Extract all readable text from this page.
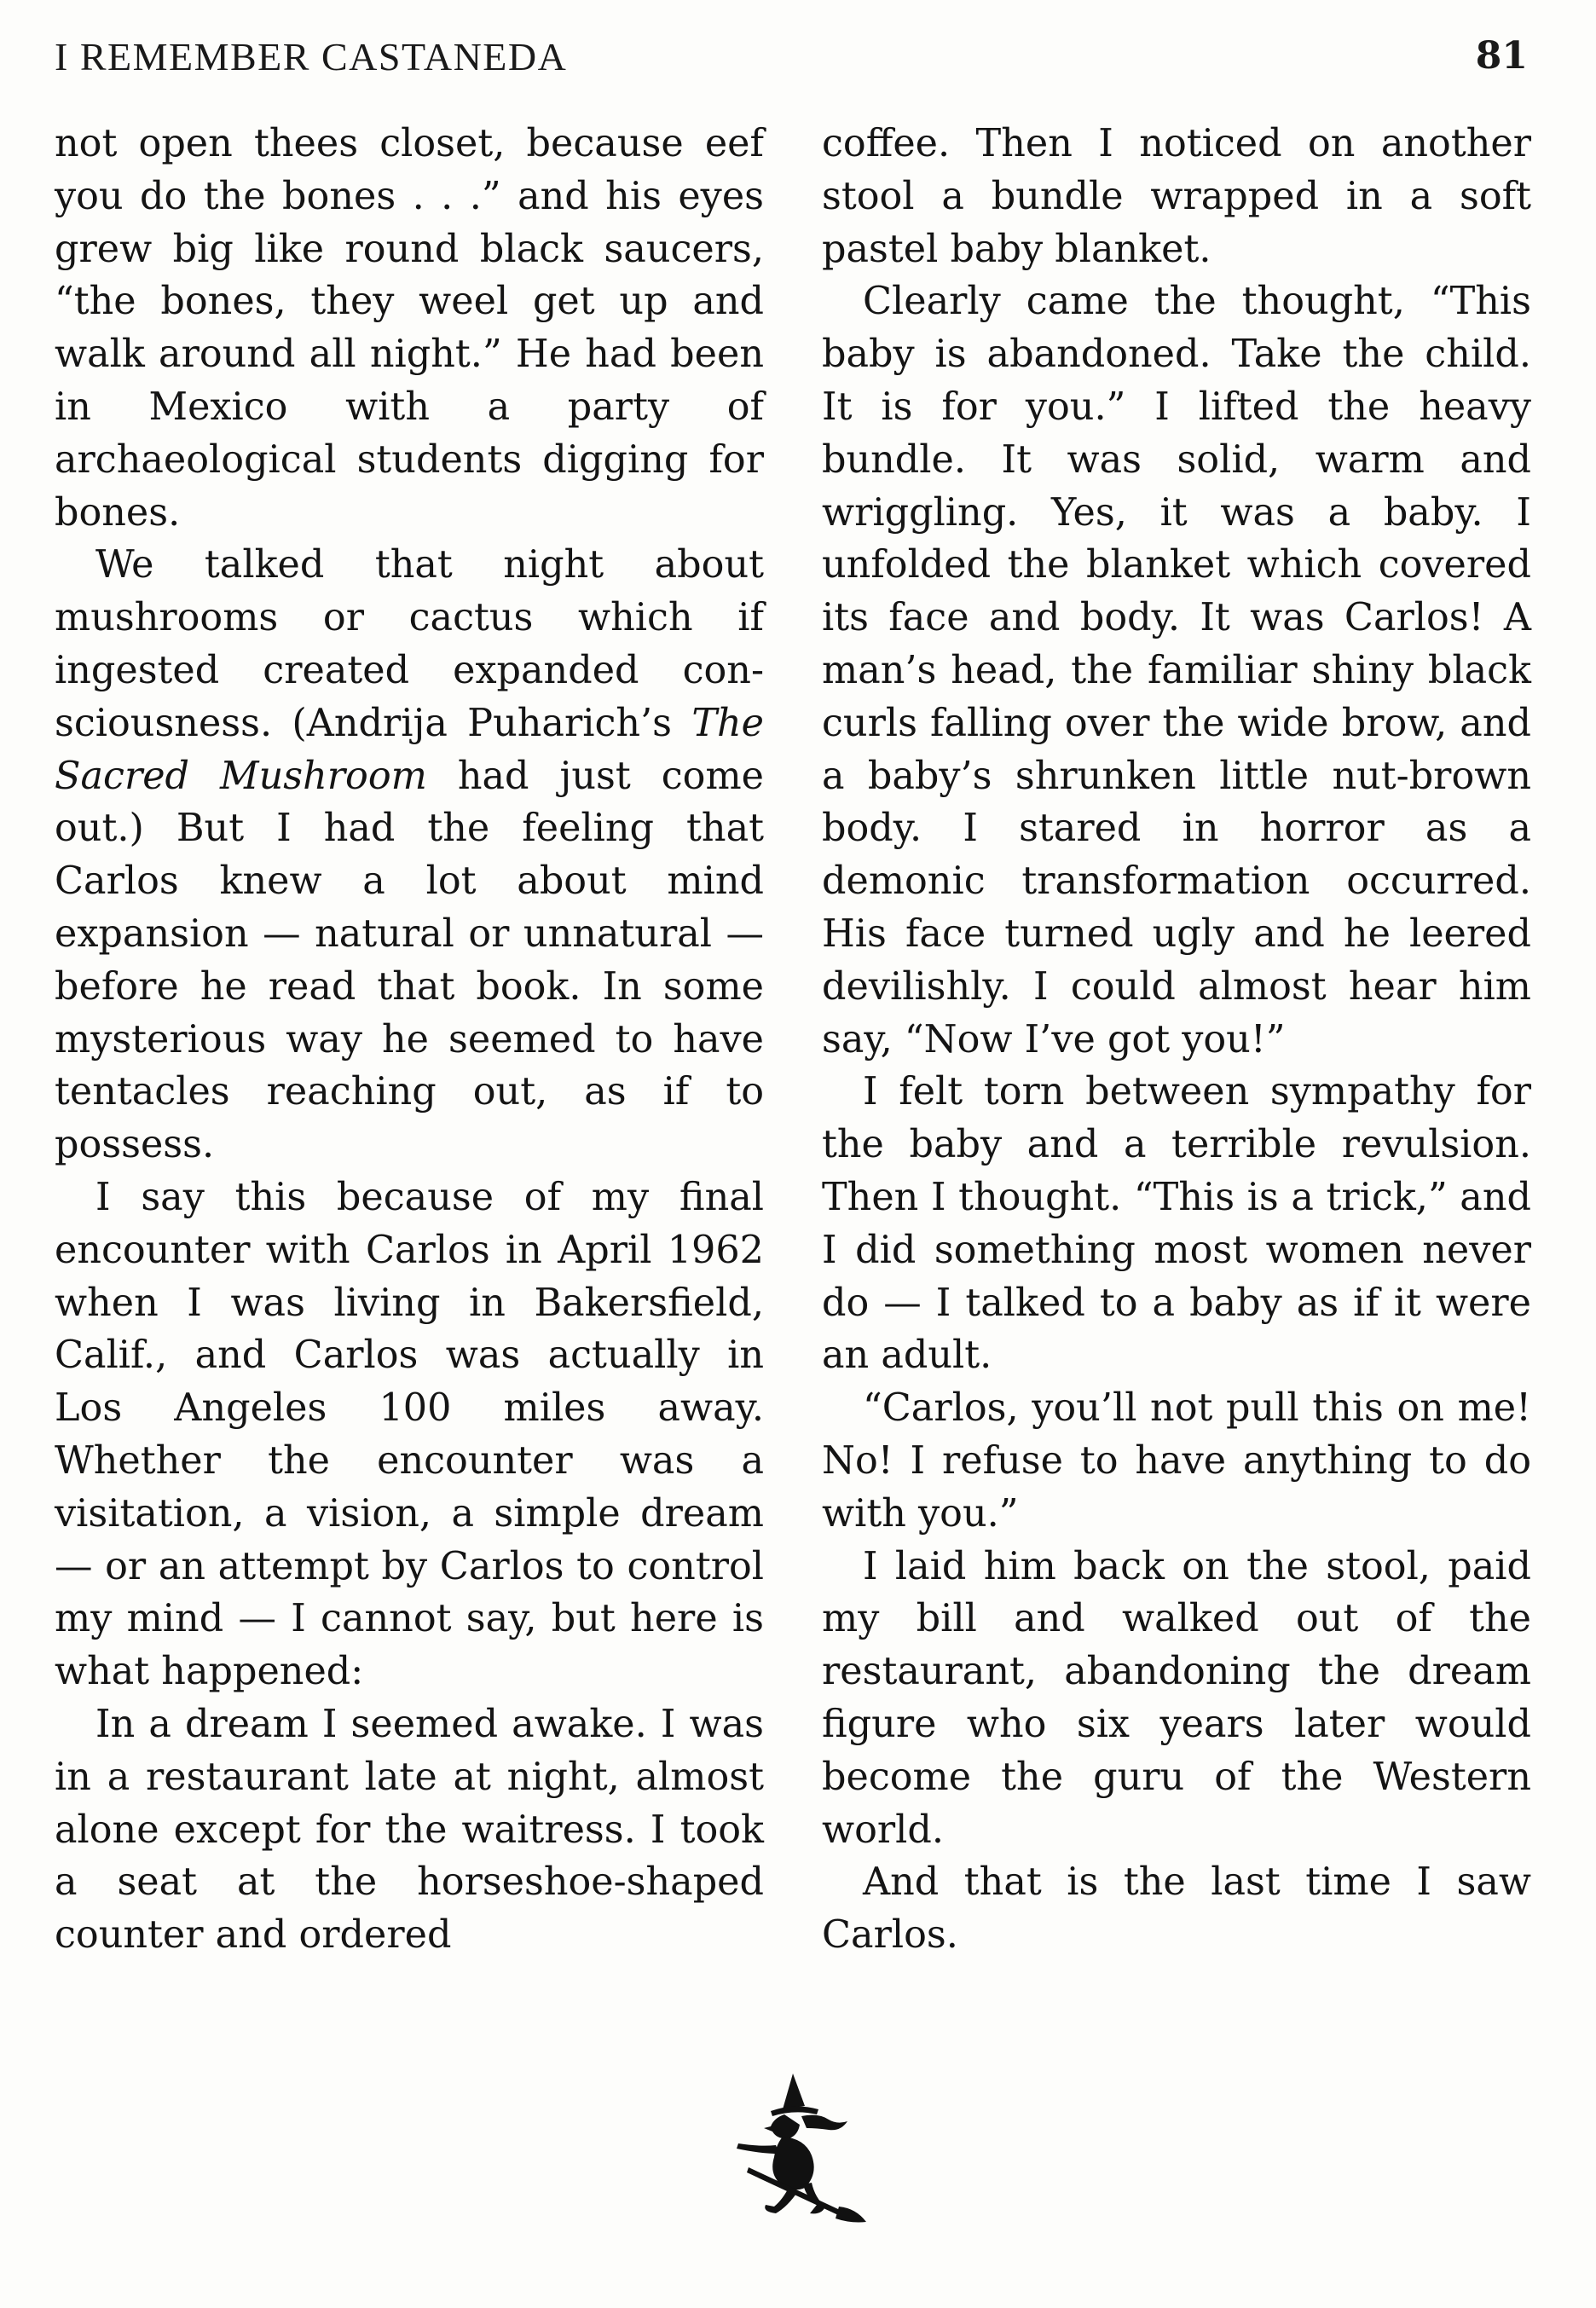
I REMEMBER CASTANEDA	81

not open thees closet, because eef you do the bones . . .” and his eyes grew big like round black saucers, “the bones, they weel get up and walk around all night.” He had been in Mexico with a party of archaeological students digging for bones.

We talked that night about mushrooms or cactus which if ingested created expanded consciousness. (Andrija Puharich’s The Sacred Mushroom had just come out.) But I had the feeling that Carlos knew a lot about mind expansion — natural or unnatural — before he read that book. In some mysterious way he seemed to have tentacles reaching out, as if to possess.

I say this because of my final encounter with Carlos in April 1962 when I was living in Bakersfield, Calif., and Carlos was actually in Los Angeles 100 miles away. Whether the encounter was a visitation, a vision, a simple dream — or an attempt by Carlos to control my mind — I cannot say, but here is what happened:

In a dream I seemed awake. I was in a restaurant late at night, almost alone except for the waitress. I took a seat at the horseshoe-shaped counter and ordered

coffee. Then I noticed on another stool a bundle wrapped in a soft pastel baby blanket.

Clearly came the thought, “This baby is abandoned. Take the child. It is for you.” I lifted the heavy bundle. It was solid, warm and wriggling. Yes, it was a baby. I unfolded the blanket which covered its face and body. It was Carlos! A man’s head, the familiar shiny black curls falling over the wide brow, and a baby’s shrunken little nut-brown body. I stared in horror as a demonic transformation occurred. His face turned ugly and he leered devilishly. I could almost hear him say, “Now I’ve got you!”

I felt torn between sympathy for the baby and a terrible revulsion. Then I thought. “This is a trick,” and I did something most women never do — I talked to a baby as if it were an adult.

“Carlos, you’ll not pull this on me! No! I refuse to have anything to do with you.”

I laid him back on the stool, paid my bill and walked out of the restaurant, abandoning the dream figure who six years later would become the guru of the Western world.

And that is the last time I saw Carlos.
